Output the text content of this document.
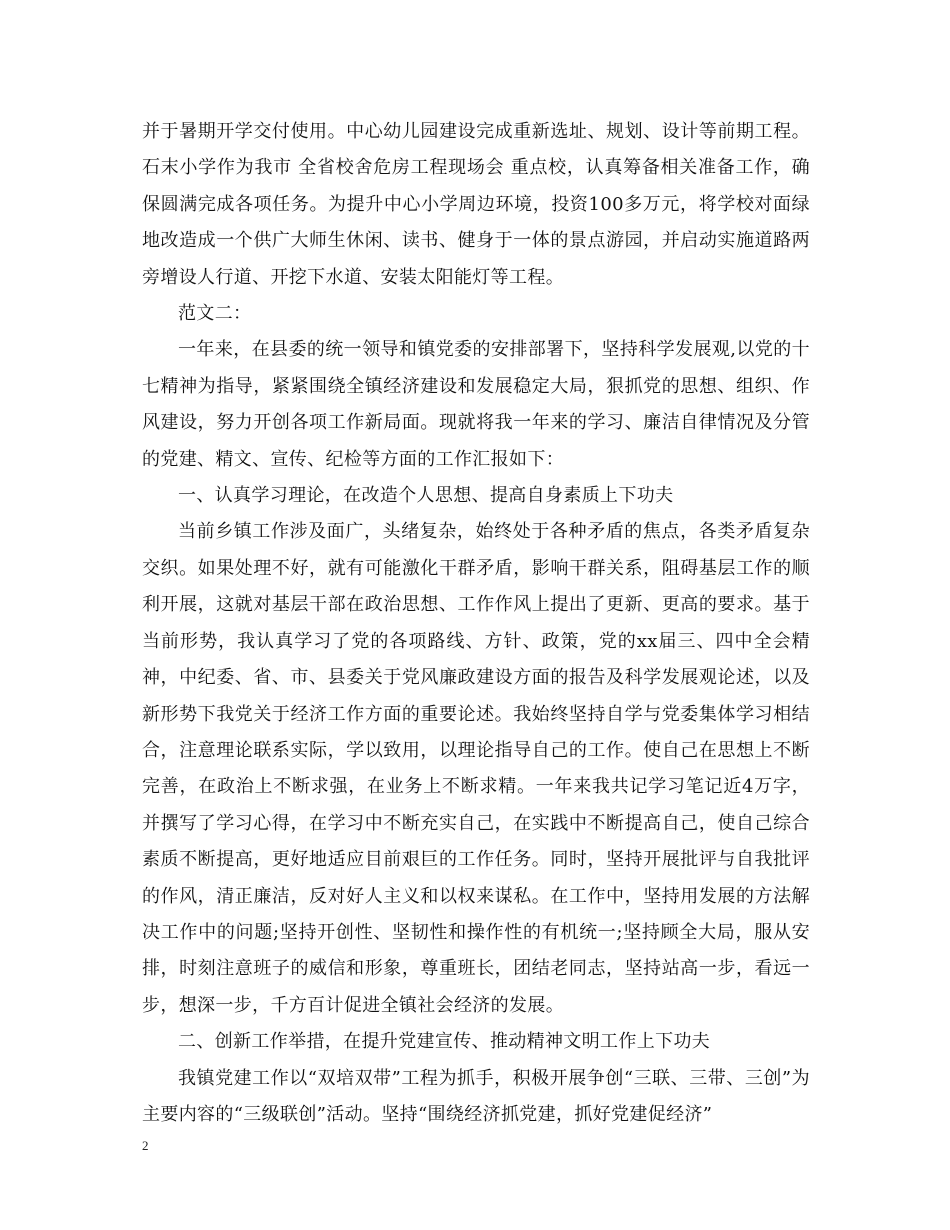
并于暑期开学交付使用。中心幼儿园建设完成重新选址、规划、设计等前期工程。石末小学作为我市 全省校舍危房工程现场会 重点校，认真筹备相关准备工作，确保圆满完成各项任务。为提升中心小学周边环境，投资100多万元，将学校对面绿地改造成一个供广大师生休闲、读书、健身于一体的景点游园，并启动实施道路两旁增设人行道、开挖下水道、安装太阳能灯等工程。

范文二：

一年来，在县委的统一领导和镇党委的安排部署下，坚持科学发展观,以党的十七精神为指导，紧紧围绕全镇经济建设和发展稳定大局，狠抓党的思想、组织、作风建设，努力开创各项工作新局面。现就将我一年来的学习、廉洁自律情况及分管的党建、精文、宣传、纪检等方面的工作汇报如下：

一、认真学习理论，在改造个人思想、提高自身素质上下功夫

当前乡镇工作涉及面广，头绪复杂，始终处于各种矛盾的焦点，各类矛盾复杂交织。如果处理不好，就有可能激化干群矛盾，影响干群关系，阻碍基层工作的顺利开展，这就对基层干部在政治思想、工作作风上提出了更新、更高的要求。基于当前形势，我认真学习了党的各项路线、方针、政策，党的xx届三、四中全会精神，中纪委、省、市、县委关于党风廉政建设方面的报告及科学发展观论述，以及新形势下我党关于经济工作方面的重要论述。我始终坚持自学与党委集体学习相结合，注意理论联系实际，学以致用，以理论指导自己的工作。使自己在思想上不断完善，在政治上不断求强，在业务上不断求精。一年来我共记学习笔记近4万字，并撰写了学习心得，在学习中不断充实自己，在实践中不断提高自己，使自己综合素质不断提高，更好地适应目前艰巨的工作任务。同时，坚持开展批评与自我批评的作风，清正廉洁，反对好人主义和以权来谋私。在工作中，坚持用发展的方法解决工作中的问题;坚持开创性、坚韧性和操作性的有机统一;坚持顾全大局，服从安排，时刻注意班子的威信和形象，尊重班长，团结老同志，坚持站高一步，看远一步，想深一步，千方百计促进全镇社会经济的发展。

二、创新工作举措，在提升党建宣传、推动精神文明工作上下功夫

我镇党建工作以“双培双带”工程为抓手，积极开展争创“三联、三带、三创”为主要内容的“三级联创”活动。坚持“围绕经济抓党建，抓好党建促经济”

2
